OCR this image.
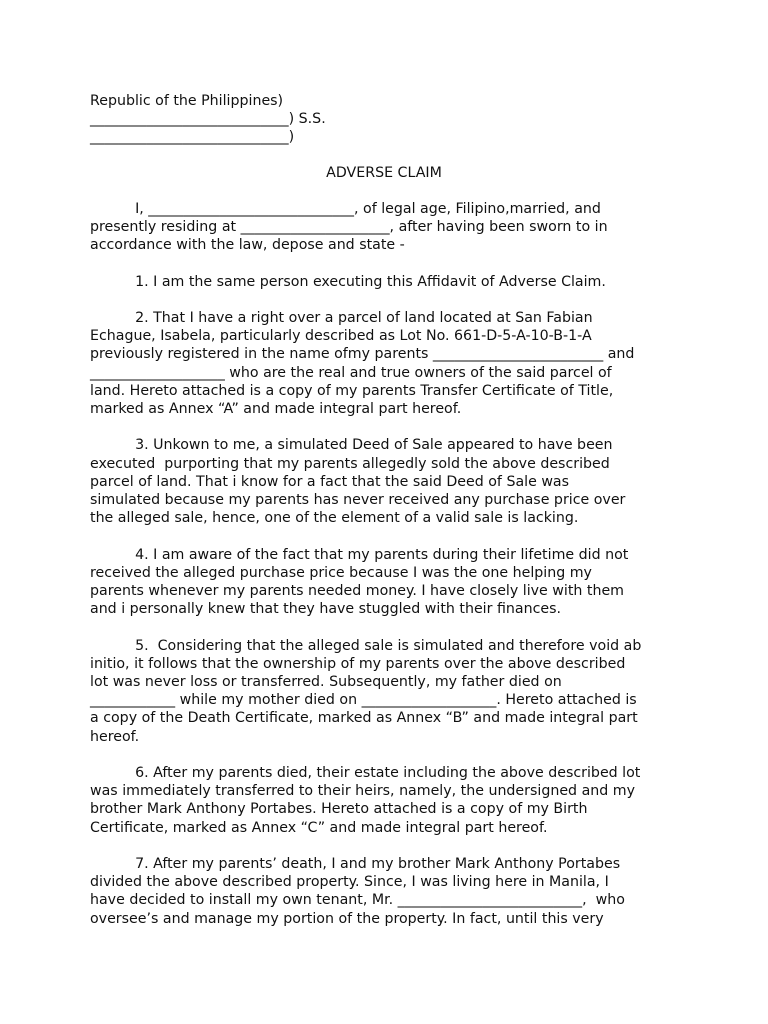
Republic of the Philippines)
____________________________) S.S.
____________________________)
ADVERSE CLAIM
I, _____________________________, of legal age, Filipino,married, and
presently residing at _____________________, after having been sworn to in
accordance with the law, depose and state -
1. I am the same person executing this Affidavit of Adverse Claim.
2. That I have a right over a parcel of land located at San Fabian
Echague, Isabela, particularly described as Lot No. 661-D-5-A-10-B-1-A
previously registered in the name ofmy parents ________________________ and
___________________ who are the real and true owners of the said parcel of
land. Hereto attached is a copy of my parents Transfer Certificate of Title,
marked as Annex “A” and made integral part hereof.
3. Unkown to me, a simulated Deed of Sale appeared to have been
executed  purporting that my parents allegedly sold the above described
parcel of land. That i know for a fact that the said Deed of Sale was
simulated because my parents has never received any purchase price over
the alleged sale, hence, one of the element of a valid sale is lacking.
4. I am aware of the fact that my parents during their lifetime did not
received the alleged purchase price because I was the one helping my
parents whenever my parents needed money. I have closely live with them
and i personally knew that they have stuggled with their finances.
5.  Considering that the alleged sale is simulated and therefore void ab
initio, it follows that the ownership of my parents over the above described
lot was never loss or transferred. Subsequently, my father died on
____________ while my mother died on ___________________. Hereto attached is
a copy of the Death Certificate, marked as Annex “B” and made integral part
hereof.
6. After my parents died, their estate including the above described lot
was immediately transferred to their heirs, namely, the undersigned and my
brother Mark Anthony Portabes. Hereto attached is a copy of my Birth
Certificate, marked as Annex “C” and made integral part hereof.
7. After my parents’ death, I and my brother Mark Anthony Portabes
divided the above described property. Since, I was living here in Manila, I
have decided to install my own tenant, Mr. __________________________,  who
oversee’s and manage my portion of the property. In fact, until this very
